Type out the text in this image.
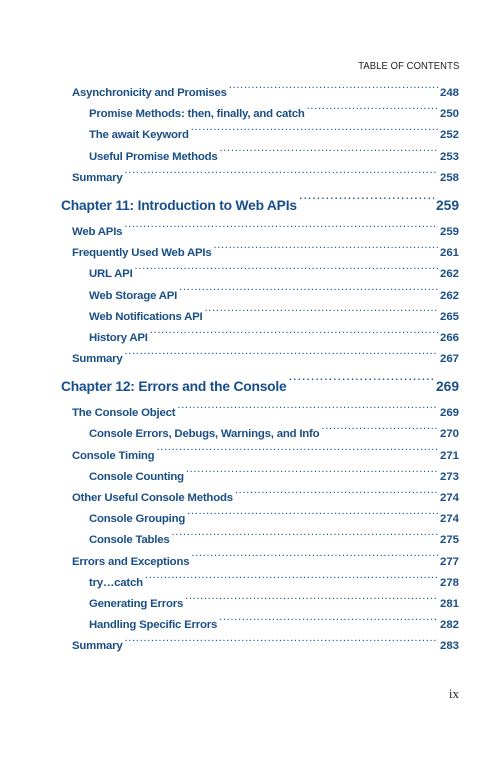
TABLE OF CONTENTS
Asynchronicity and Promises .....	248
Promise Methods: then, finally, and catch .....	250
The await Keyword .....	252
Useful Promise Methods .....	253
Summary .....	258
Chapter 11: Introduction to Web APIs .....	259
Web APIs .....	259
Frequently Used Web APIs .....	261
URL API .....	262
Web Storage API .....	262
Web Notifications API .....	265
History API .....	266
Summary .....	267
Chapter 12: Errors and the Console .....	269
The Console Object .....	269
Console Errors, Debugs, Warnings, and Info .....	270
Console Timing .....	271
Console Counting .....	273
Other Useful Console Methods .....	274
Console Grouping .....	274
Console Tables .....	275
Errors and Exceptions .....	277
try…catch .....	278
Generating Errors .....	281
Handling Specific Errors .....	282
Summary .....	283
ix
